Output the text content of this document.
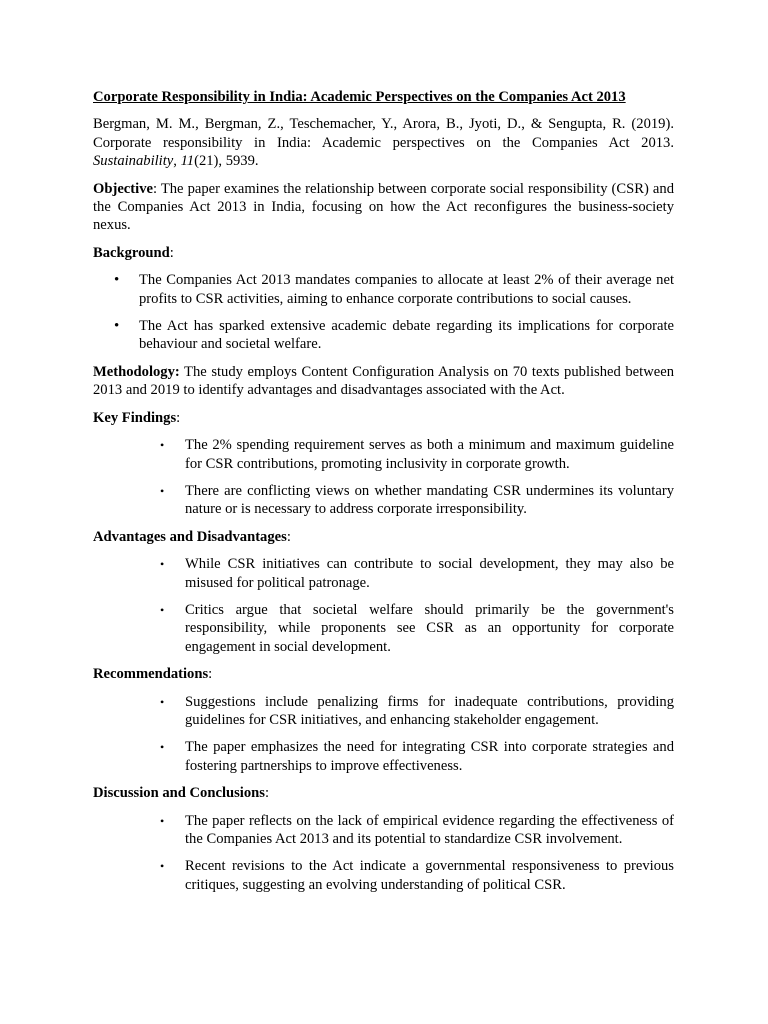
Corporate Responsibility in India: Academic Perspectives on the Companies Act 2013

Bergman, M. M., Bergman, Z., Teschemacher, Y., Arora, B., Jyoti, D., & Sengupta, R. (2019). Corporate responsibility in India: Academic perspectives on the Companies Act 2013. Sustainability, 11(21), 5939.

Objective: The paper examines the relationship between corporate social responsibility (CSR) and the Companies Act 2013 in India, focusing on how the Act reconfigures the business-society nexus.

Background:

• The Companies Act 2013 mandates companies to allocate at least 2% of their average net profits to CSR activities, aiming to enhance corporate contributions to social causes.
• The Act has sparked extensive academic debate regarding its implications for corporate behaviour and societal welfare.

Methodology: The study employs Content Configuration Analysis on 70 texts published between 2013 and 2019 to identify advantages and disadvantages associated with the Act.

Key Findings:

• The 2% spending requirement serves as both a minimum and maximum guideline for CSR contributions, promoting inclusivity in corporate growth.
• There are conflicting views on whether mandating CSR undermines its voluntary nature or is necessary to address corporate irresponsibility.

Advantages and Disadvantages:

• While CSR initiatives can contribute to social development, they may also be misused for political patronage.
• Critics argue that societal welfare should primarily be the government's responsibility, while proponents see CSR as an opportunity for corporate engagement in social development.

Recommendations:

• Suggestions include penalizing firms for inadequate contributions, providing guidelines for CSR initiatives, and enhancing stakeholder engagement.
• The paper emphasizes the need for integrating CSR into corporate strategies and fostering partnerships to improve effectiveness.

Discussion and Conclusions:

• The paper reflects on the lack of empirical evidence regarding the effectiveness of the Companies Act 2013 and its potential to standardize CSR involvement.
• Recent revisions to the Act indicate a governmental responsiveness to previous critiques, suggesting an evolving understanding of political CSR.
